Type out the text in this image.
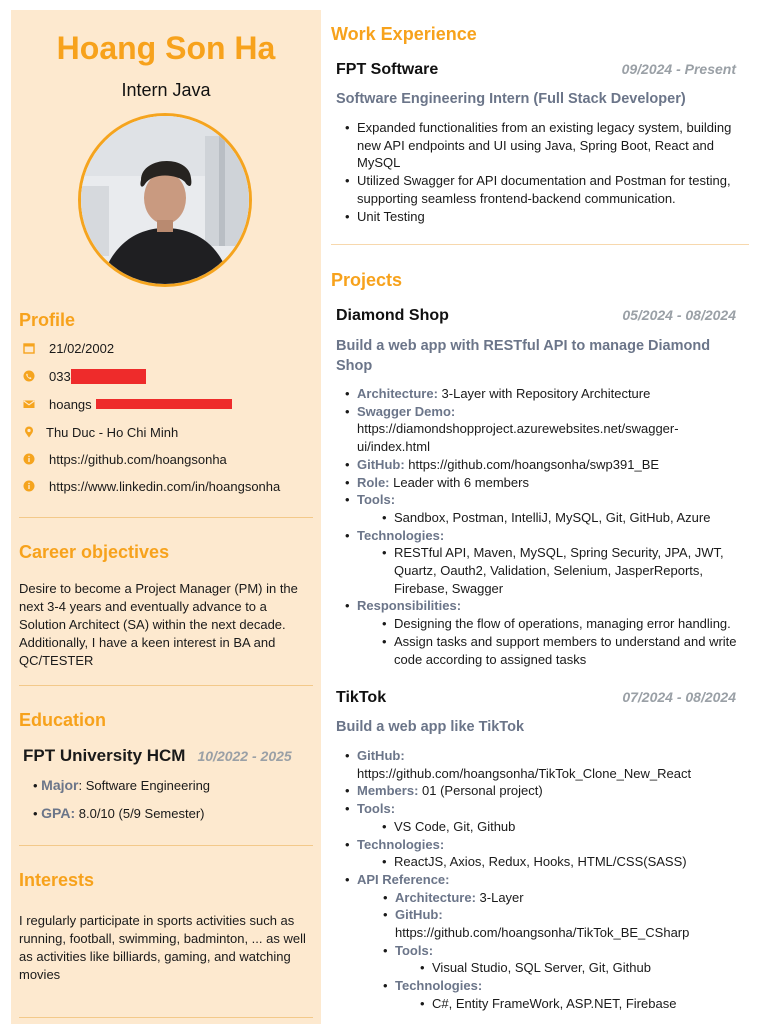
Hoang Son Ha
Intern Java
Profile
21/02/2002
033
hoangs
Thu Duc - Ho Chi Minh
https://github.com/hoangsonha
https://www.linkedin.com/in/hoangsonha
Career objectives
Desire to become a Project Manager (PM) in the next 3-4 years and eventually advance to a Solution Architect (SA) within the next decade. Additionally, I have a keen interest in BA and QC/TESTER
Education
FPT University HCM 10/2022 - 2025
• Major: Software Engineering
• GPA: 8.0/10 (5/9 Semester)
Interests
I regularly participate in sports activities such as running, football, swimming, badminton, ... as well as activities like billiards, gaming, and watching movies
Work Experience
FPT Software	09/2024 - Present
Software Engineering Intern (Full Stack Developer)
• Expanded functionalities from an existing legacy system, building new API endpoints and UI using Java, Spring Boot, React and MySQL
• Utilized Swagger for API documentation and Postman for testing, supporting seamless frontend-backend communication.
• Unit Testing
Projects
Diamond Shop	05/2024 - 08/2024
Build a web app with RESTful API to manage Diamond Shop
• Architecture: 3-Layer with Repository Architecture
• Swagger Demo:
https://diamondshopproject.azurewebsites.net/swagger-ui/index.html
• GitHub: https://github.com/hoangsonha/swp391_BE
• Role: Leader with 6 members
• Tools:
• Sandbox, Postman, IntelliJ, MySQL, Git, GitHub, Azure
• Technologies:
• RESTful API, Maven, MySQL, Spring Security, JPA, JWT, Quartz, Oauth2, Validation, Selenium, JasperReports, Firebase, Swagger
• Responsibilities:
• Designing the flow of operations, managing error handling.
• Assign tasks and support members to understand and write code according to assigned tasks
TikTok	07/2024 - 08/2024
Build a web app like TikTok
• GitHub:
https://github.com/hoangsonha/TikTok_Clone_New_React
• Members: 01 (Personal project)
• Tools:
• VS Code, Git, Github
• Technologies:
• ReactJS, Axios, Redux, Hooks, HTML/CSS(SASS)
• API Reference:
• Architecture: 3-Layer
• GitHub:
https://github.com/hoangsonha/TikTok_BE_CSharp
• Tools:
• Visual Studio, SQL Server, Git, Github
• Technologies:
• C#, Entity FrameWork, ASP.NET, Firebase
